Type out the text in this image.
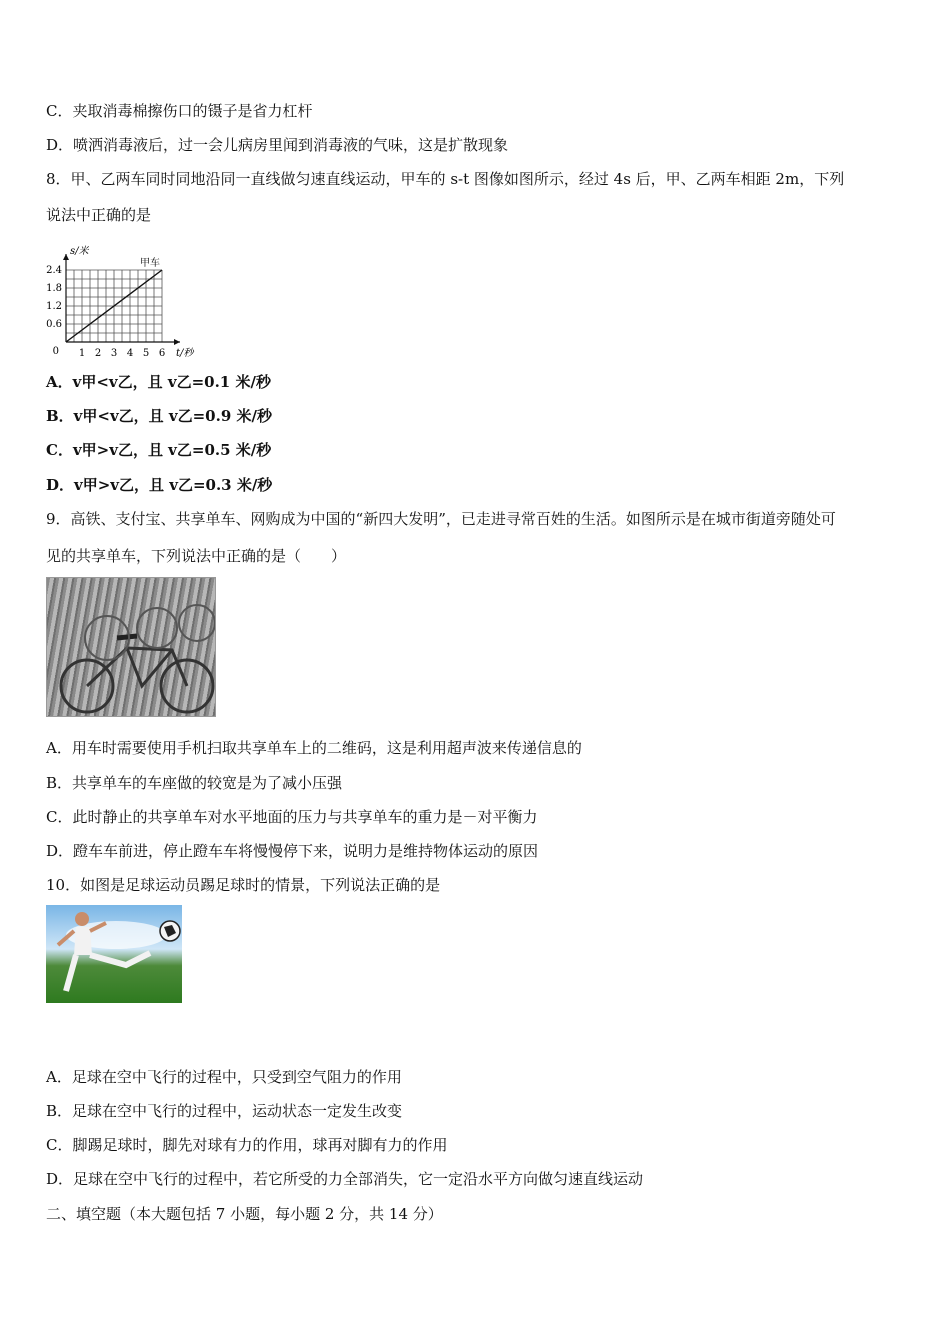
C．夹取消毒棉擦伤口的镊子是省力杠杆
D．喷洒消毒液后，过一会儿病房里闻到消毒液的气味，这是扩散现象
8．甲、乙两车同时同地沿同一直线做匀速直线运动，甲车的 s-t 图像如图所示，经过 4s 后，甲、乙两车相距 2m，下列
说法中正确的是
1 2 3 4 5 6
0.6
1.2
1.8
2.4
0	t/秒
s/米
甲车
A．v甲<v乙，且 v乙=0.1 米/秒
B．v甲<v乙，且 v乙=0.9 米/秒
C．v甲>v乙，且 v乙=0.5 米/秒
D．v甲>v乙，且 v乙=0.3 米/秒
9．高铁、支付宝、共享单车、网购成为中国的“新四大发明”，已走进寻常百姓的生活。如图所示是在城市街道旁随处可
见的共享单车，下列说法中正确的是（　　）
A．用车时需要使用手机扫取共享单车上的二维码，这是利用超声波来传递信息的
B．共享单车的车座做的较宽是为了减小压强
C．此时静止的共享单车对水平地面的压力与共享单车的重力是－对平衡力
D．蹬车车前进，停止蹬车车将慢慢停下来，说明力是维持物体运动的原因
10．如图是足球运动员踢足球时的情景，下列说法正确的是
A．足球在空中飞行的过程中，只受到空气阻力的作用
B．足球在空中飞行的过程中，运动状态一定发生改变
C．脚踢足球时，脚先对球有力的作用，球再对脚有力的作用
D．足球在空中飞行的过程中，若它所受的力全部消失，它一定沿水平方向做匀速直线运动
二、填空题（本大题包括 7 小题，每小题 2 分，共 14 分）
